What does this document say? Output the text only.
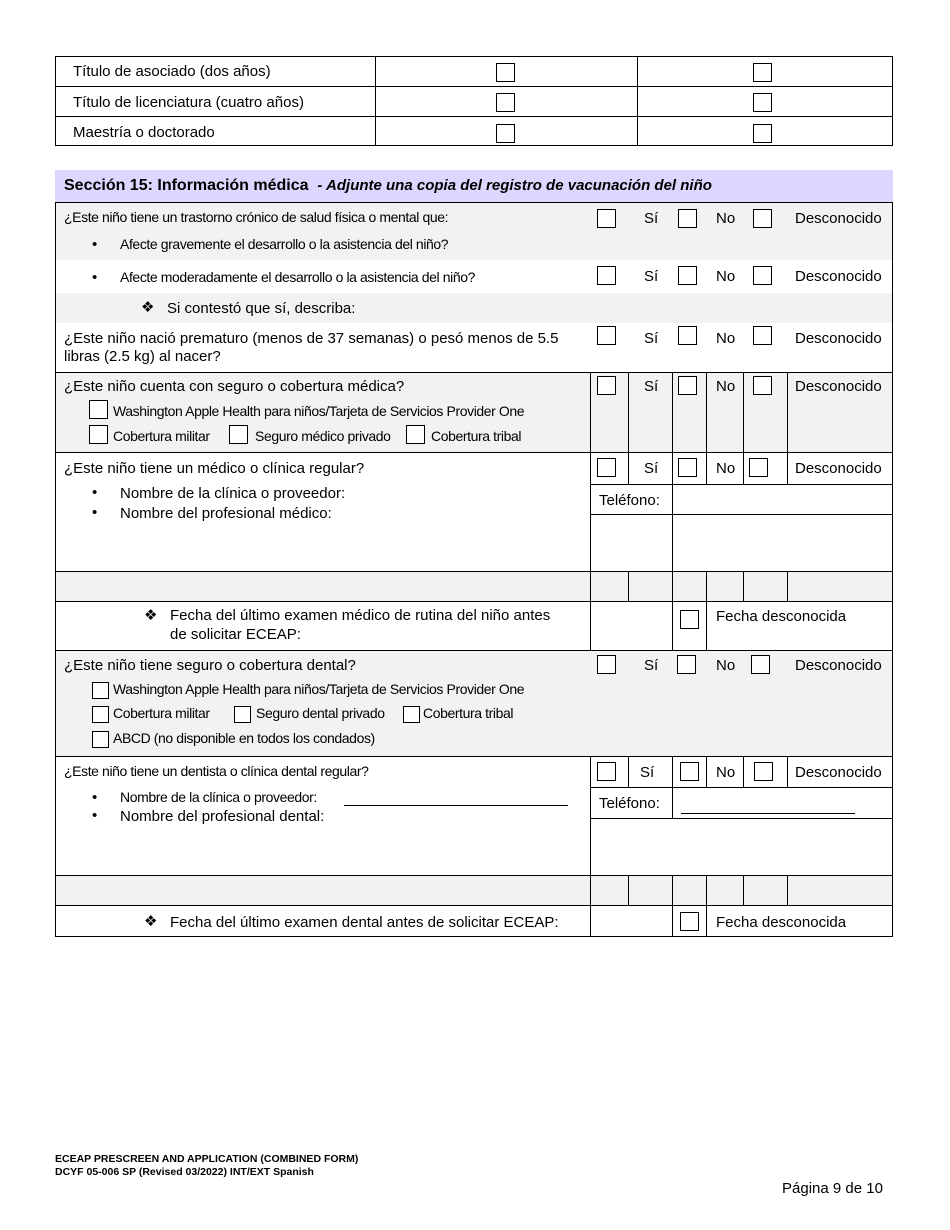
Título de asociado (dos años)
Título de licenciatura (cuatro años)
Maestría o doctorado
Sección 15: Información médica - Adjunte una copia del registro de vacunación del niño
¿Este niño tiene un trastorno crónico de salud física o mental que:
• Afecte gravemente el desarrollo o la asistencia del niño?
Sí	No	Desconocido
• Afecte moderadamente el desarrollo o la asistencia del niño?	Sí	No	Desconocido
❖ Si contestó que sí, describa:
¿Este niño nació prematuro (menos de 37 semanas) o pesó menos de 5.5
libras (2.5 kg) al nacer?
Sí	No	Desconocido
¿Este niño cuenta con seguro o cobertura médica?
Washington Apple Health para niños/Tarjeta de Servicios Provider One
Cobertura militar	Seguro médico privado	Cobertura tribal
Sí	No	Desconocido
¿Este niño tiene un médico o clínica regular?
• Nombre de la clínica o proveedor:
• Nombre del profesional médico:
Sí	No	Desconocido
Teléfono:
❖ Fecha del último examen médico de rutina del niño antes
de solicitar ECEAP:
Fecha desconocida
¿Este niño tiene seguro o cobertura dental?
Washington Apple Health para niños/Tarjeta de Servicios Provider One
Cobertura militar	Seguro dental privado	Cobertura tribal
ABCD (no disponible en todos los condados)
Sí	No	Desconocido
¿Este niño tiene un dentista o clínica dental regular?
• Nombre de la clínica o proveedor:
• Nombre del profesional dental:
Sí	No	Desconocido
Teléfono:
❖ Fecha del último examen dental antes de solicitar ECEAP:	Fecha desconocida
ECEAP PRESCREEN AND APPLICATION (COMBINED FORM)
DCYF 05-006 SP (Revised 03/2022) INT/EXT Spanish
Página 9 de 10
